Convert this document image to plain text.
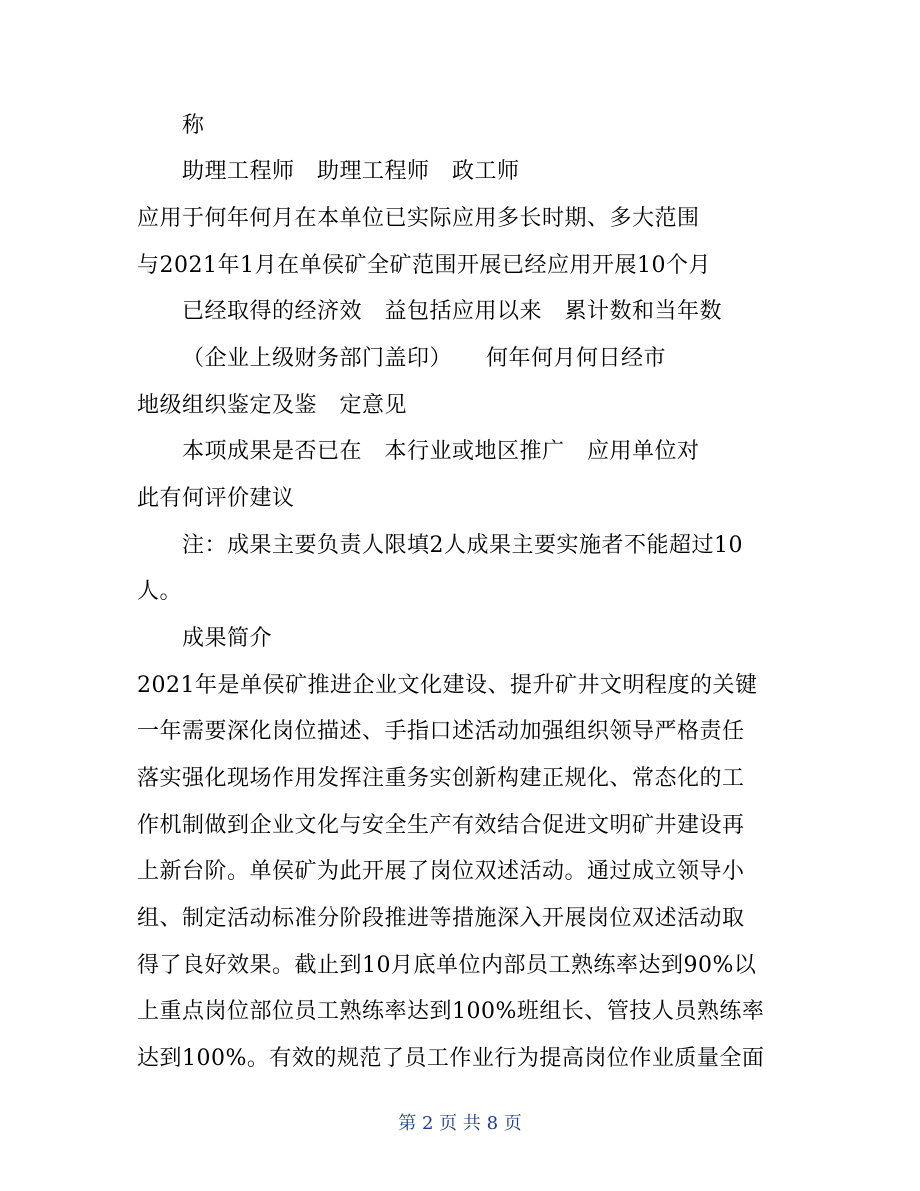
称
助理工程师　助理工程师　政工师
应用于何年何月在本单位已实际应用多长时期、多大范围
与2021年1月在单侯矿全矿范围开展已经应用开展10个月
已经取得的经济效　益包括应用以来　累计数和当年数
（企业上级财务部门盖印）　　何年何月何日经市
地级组织鉴定及鉴　定意见
本项成果是否已在　本行业或地区推广　应用单位对
此有何评价建议
注：成果主要负责人限填2人成果主要实施者不能超过10
人。
成果简介
2021年是单侯矿推进企业文化建设、提升矿井文明程度的关键
一年需要深化岗位描述、手指口述活动加强组织领导严格责任
落实强化现场作用发挥注重务实创新构建正规化、常态化的工
作机制做到企业文化与安全生产有效结合促进文明矿井建设再
上新台阶。单侯矿为此开展了岗位双述活动。通过成立领导小
组、制定活动标准分阶段推进等措施深入开展岗位双述活动取
得了良好效果。截止到10月底单位内部员工熟练率达到90%以
上重点岗位部位员工熟练率达到100%班组长、管技人员熟练率
达到100%。有效的规范了员工作业行为提高岗位作业质量全面
第 2 页 共 8 页
